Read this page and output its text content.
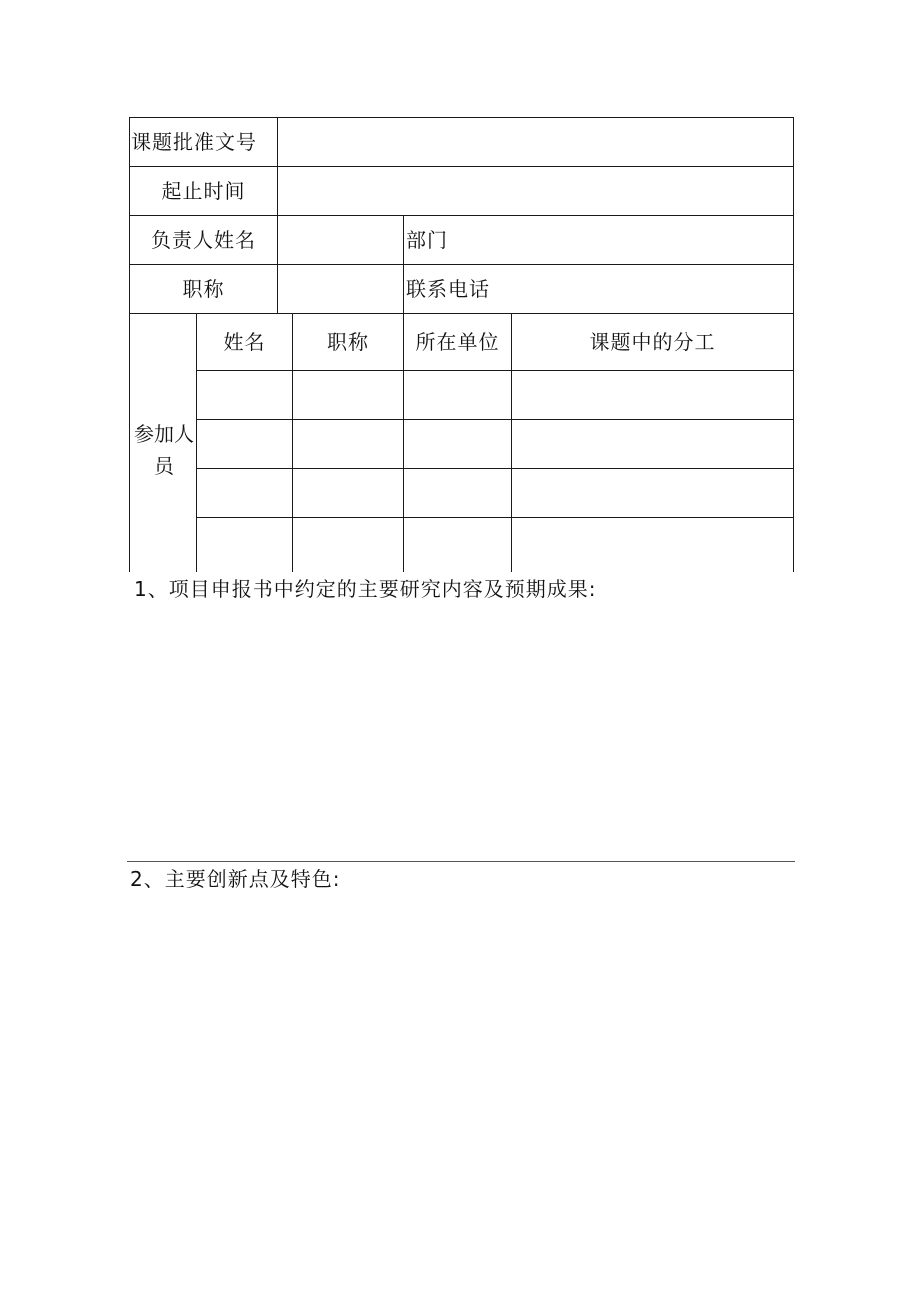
课题批准文号
起止时间
负责人姓名	部门
职称	联系电话
参加人员
姓名	职称	所在单位	课题中的分工
1、项目申报书中约定的主要研究内容及预期成果:
2、主要创新点及特色:
